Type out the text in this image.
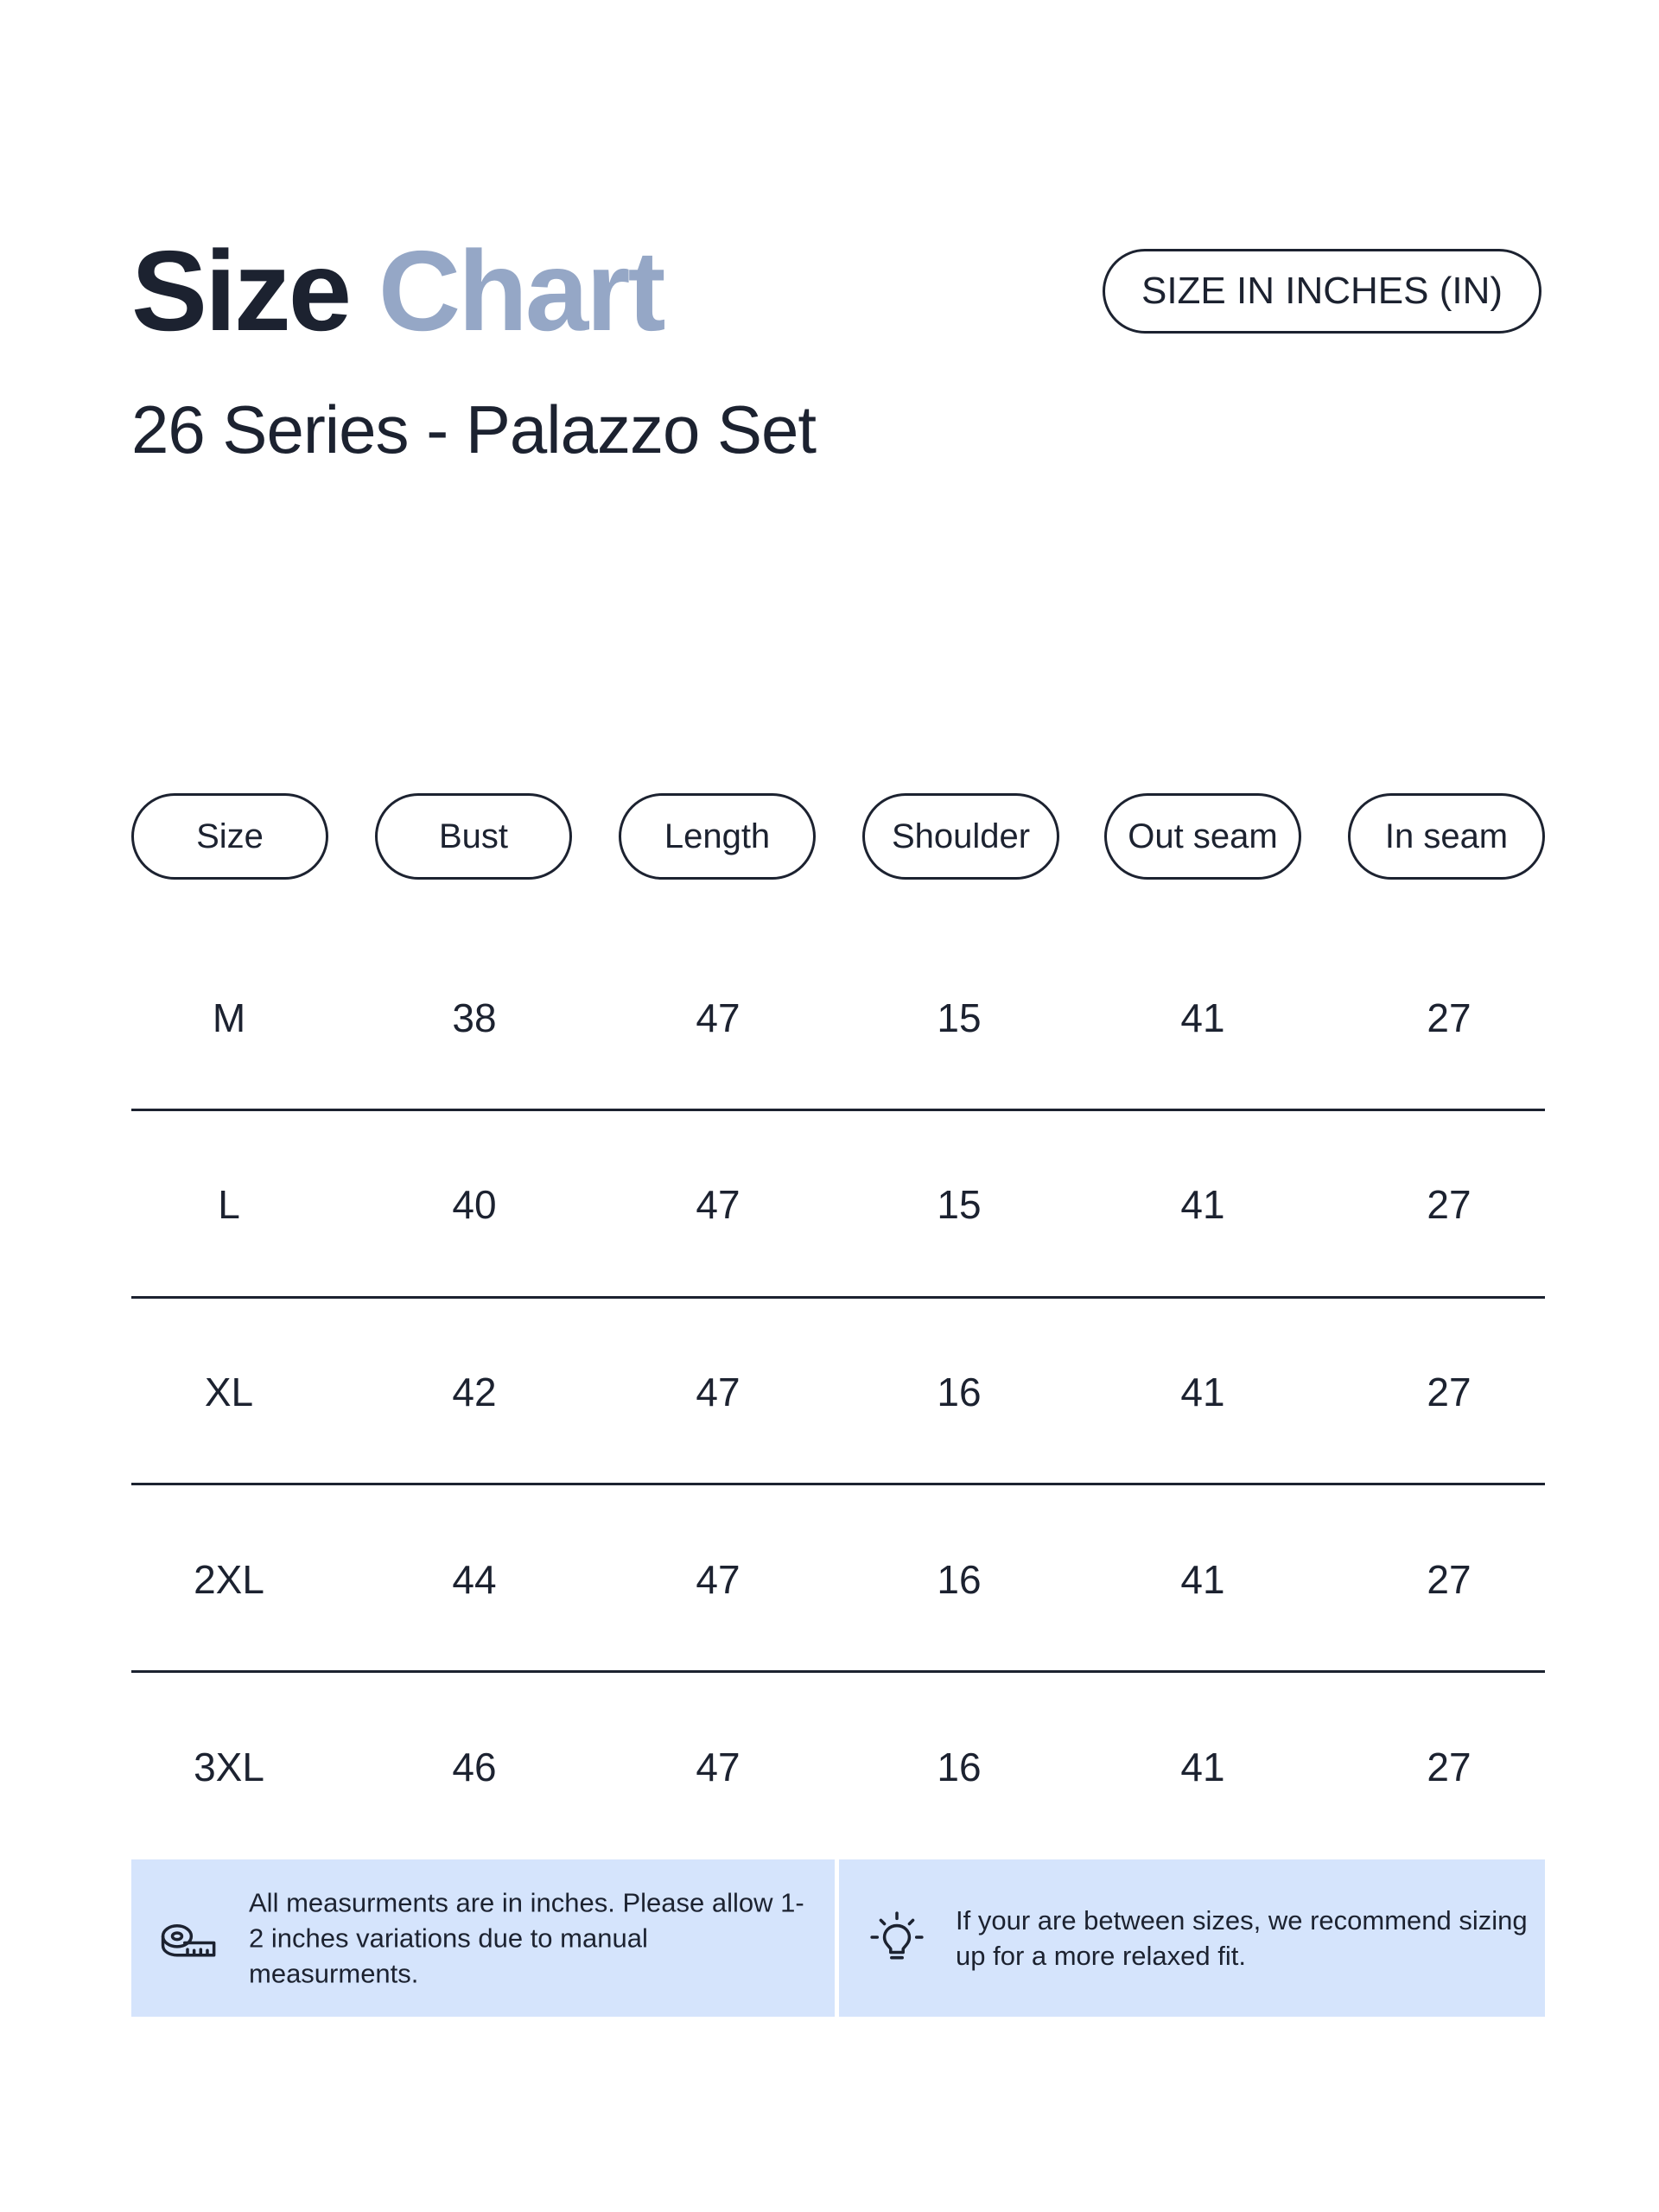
Size Chart
26 Series - Palazzo Set
SIZE IN INCHES (IN)
Size	Bust	Length	Shoulder	Out seam	In seam
M	38	47	15	41	27
L	40	47	15	41	27
XL	42	47	16	41	27
2XL	44	47	16	41	27
3XL	46	47	16	41	27
All measurments are in inches. Please allow 1-2 inches variations due to manual measurments.
If your are between sizes, we recommend sizing up for a more relaxed fit.
